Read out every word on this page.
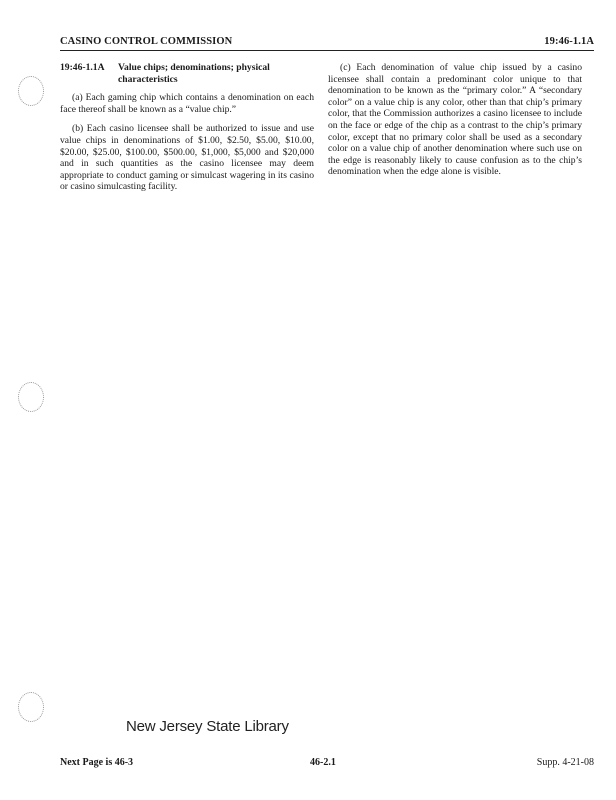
CASINO CONTROL COMMISSION	19:46-1.1A
19:46-1.1A	Value chips; denominations; physical characteristics

(a) Each gaming chip which contains a denomination on each face thereof shall be known as a “value chip.”

(b) Each casino licensee shall be authorized to issue and use value chips in denominations of $1.00, $2.50, $5.00, $10.00, $20.00, $25.00, $100.00, $500.00, $1,000, $5,000 and $20,000 and in such quantities as the casino licensee may deem appropriate to conduct gaming or simulcast wagering in its casino or casino simulcasting facility.

(c) Each denomination of value chip issued by a casino licensee shall contain a predominant color unique to that denomination to be known as the “primary color.” A “secondary color” on a value chip is any color, other than that chip’s primary color, that the Commission authorizes a casino licensee to include on the face or edge of the chip as a contrast to the chip’s primary color, except that no primary color shall be used as a secondary color on a value chip of another denomination where such use on the edge is reasonably likely to cause confusion as to the chip’s denomination when the edge alone is visible.

New Jersey State Library
Next Page is 46-3	46-2.1	Supp. 4-21-08
